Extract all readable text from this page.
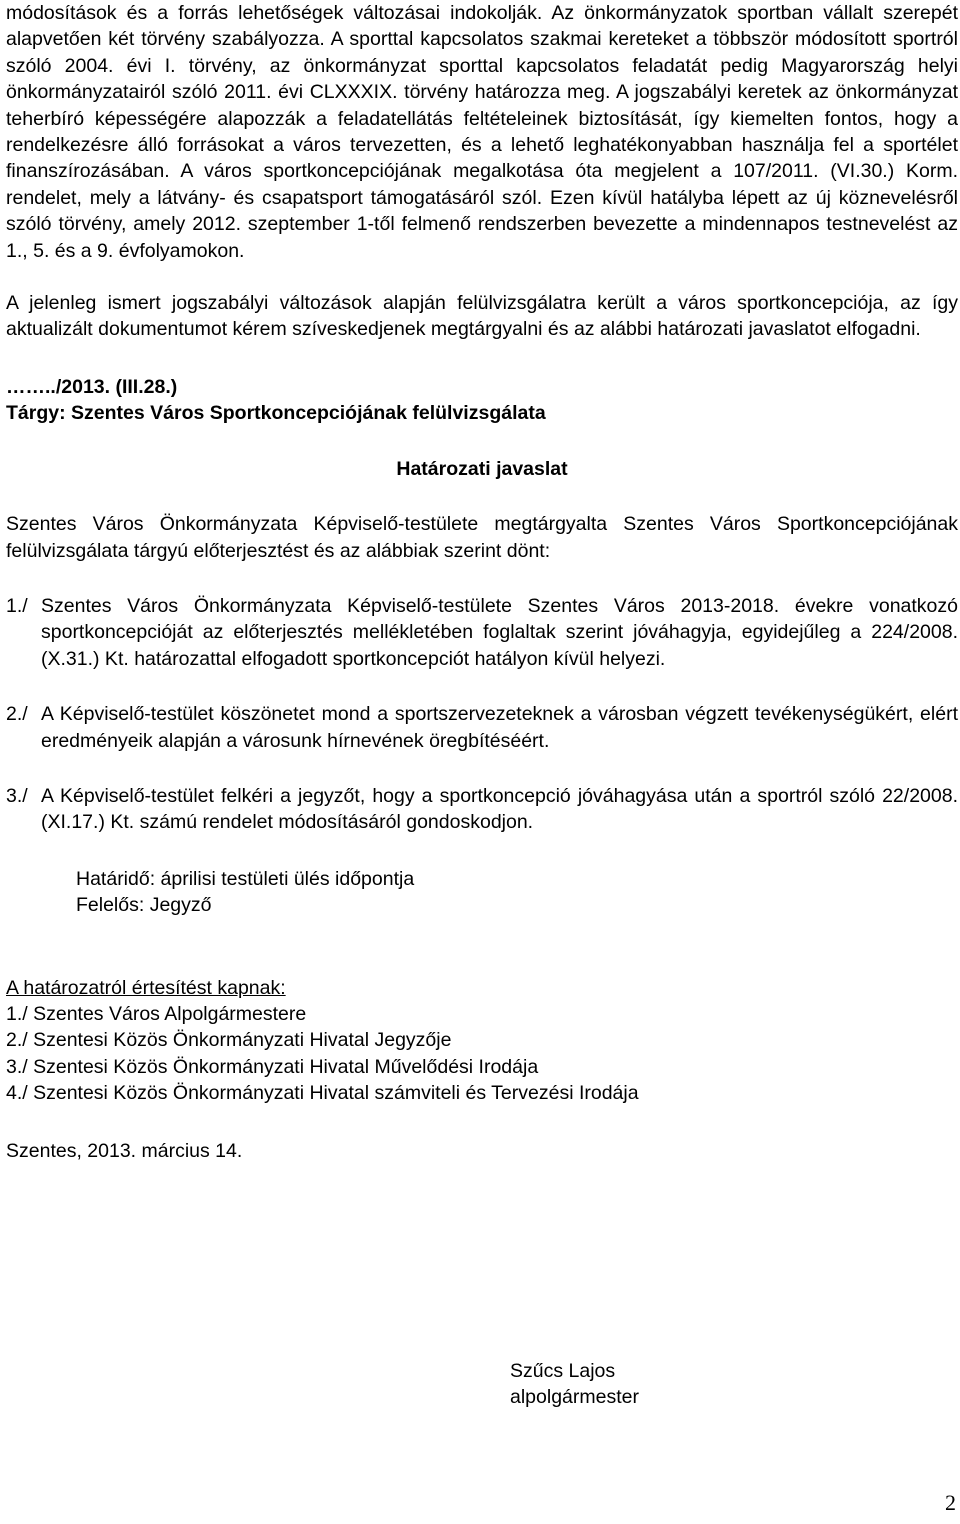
módosítások és a forrás lehetőségek változásai indokolják. Az önkormányzatok sportban vállalt szerepét alapvetően két törvény szabályozza. A sporttal kapcsolatos szakmai kereteket a többször módosított sportról szóló 2004. évi I. törvény, az önkormányzat sporttal kapcsolatos feladatát pedig Magyarország helyi önkormányzatairól szóló 2011. évi CLXXXIX. törvény határozza meg. A jogszabályi keretek az önkormányzat teherbíró képességére alapozzák a feladatellátás feltételeinek biztosítását, így kiemelten fontos, hogy a rendelkezésre álló forrásokat a város tervezetten, és a lehető leghatékonyabban használja fel a sportélet finanszírozásában. A város sportkoncepciójának megalkotása óta megjelent a 107/2011. (VI.30.) Korm. rendelet, mely a látvány- és csapatsport támogatásáról szól. Ezen kívül hatályba lépett az új köznevelésről szóló törvény, amely 2012. szeptember 1-től felmenő rendszerben bevezette a mindennapos testnevelést az 1., 5. és a 9. évfolyamokon.

A jelenleg ismert jogszabályi változások alapján felülvizsgálatra került a város sportkoncepciója, az így aktualizált dokumentumot kérem szíveskedjenek megtárgyalni és az alábbi határozati javaslatot elfogadni.

……../2013. (III.28.)

Tárgy: Szentes Város Sportkoncepciójának felülvizsgálata

Határozati javaslat

Szentes Város Önkormányzata Képviselő-testülete megtárgyalta Szentes Város Sportkoncepciójának felülvizsgálata tárgyú előterjesztést és az alábbiak szerint dönt:

1./ Szentes Város Önkormányzata Képviselő-testülete Szentes Város 2013-2018. évekre vonatkozó sportkoncepcióját az előterjesztés mellékletében foglaltak szerint jóváhagyja, egyidejűleg a 224/2008. (X.31.) Kt. határozattal elfogadott sportkoncepciót hatályon kívül helyezi.
2./ A Képviselő-testület köszönetet mond a sportszervezeteknek a városban végzett tevékenységükért, elért eredményeik alapján a városunk hírnevének öregbítéséért.
3./ A Képviselő-testület felkéri a jegyzőt, hogy a sportkoncepció jóváhagyása után a sportról szóló 22/2008. (XI.17.) Kt. számú rendelet módosításáról gondoskodjon.

Határidő: áprilisi testületi ülés időpontja

Felelős: Jegyző

A határozatról értesítést kapnak:

1./ Szentes Város Alpolgármestere

2./ Szentesi Közös Önkormányzati Hivatal Jegyzője

3./ Szentesi Közös Önkormányzati Hivatal Művelődési Irodája

4./ Szentesi Közös Önkormányzati Hivatal számviteli és Tervezési Irodája

Szentes, 2013. március 14.

Szűcs Lajos

alpolgármester

2
